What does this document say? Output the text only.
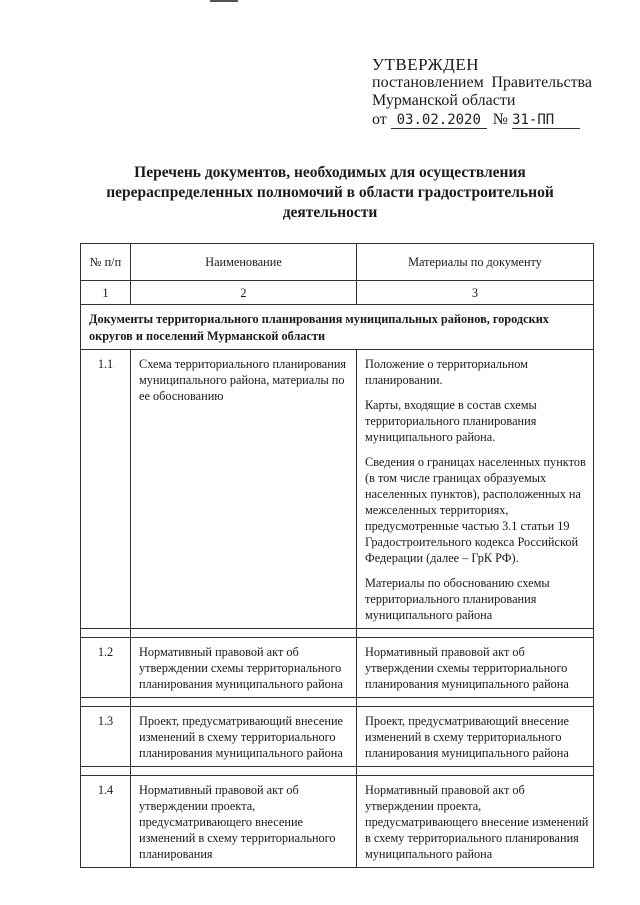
УТВЕРЖДЕН
постановлением Правительства
Мурманской области
от 03.02.2020 № 31-ПП
Перечень документов, необходимых для осуществления
перераспределенных полномочий в области градостроительной
деятельности
№ п/п	Наименование	Материалы по документу
1	2	3
Документы территориального планирования муниципальных районов, городских округов и поселений Мурманской области		
1.1	Схема территориального планирования муниципального района, материалы по ее обоснованию	Положение о территориальном планировании.
Карты, входящие в состав схемы территориального планирования муниципального района.
Сведения о границах населенных пунктов (в том числе границах образуемых населенных пунктов), расположенных на межселенных территориях, предусмотренные частью 3.1 статьи 19 Градостроительного кодекса Российской Федерации (далее – ГрК РФ).
Материалы по обоснованию схемы территориального планирования муниципального района

1.2	Нормативный правовой акт об утверждении схемы территориального планирования муниципального района	Нормативный правовой акт об утверждении схемы территориального планирования муниципального района

1.3	Проект, предусматривающий внесение изменений в схему территориального планирования муниципального района	Проект, предусматривающий внесение изменений в схему территориального планирования муниципального района

1.4	Нормативный правовой акт об утверждении проекта, предусматривающего внесение изменений в схему территориального планирования	Нормативный правовой акт об утверждении проекта, предусматривающего внесение изменений в схему территориального планирования муниципального района
